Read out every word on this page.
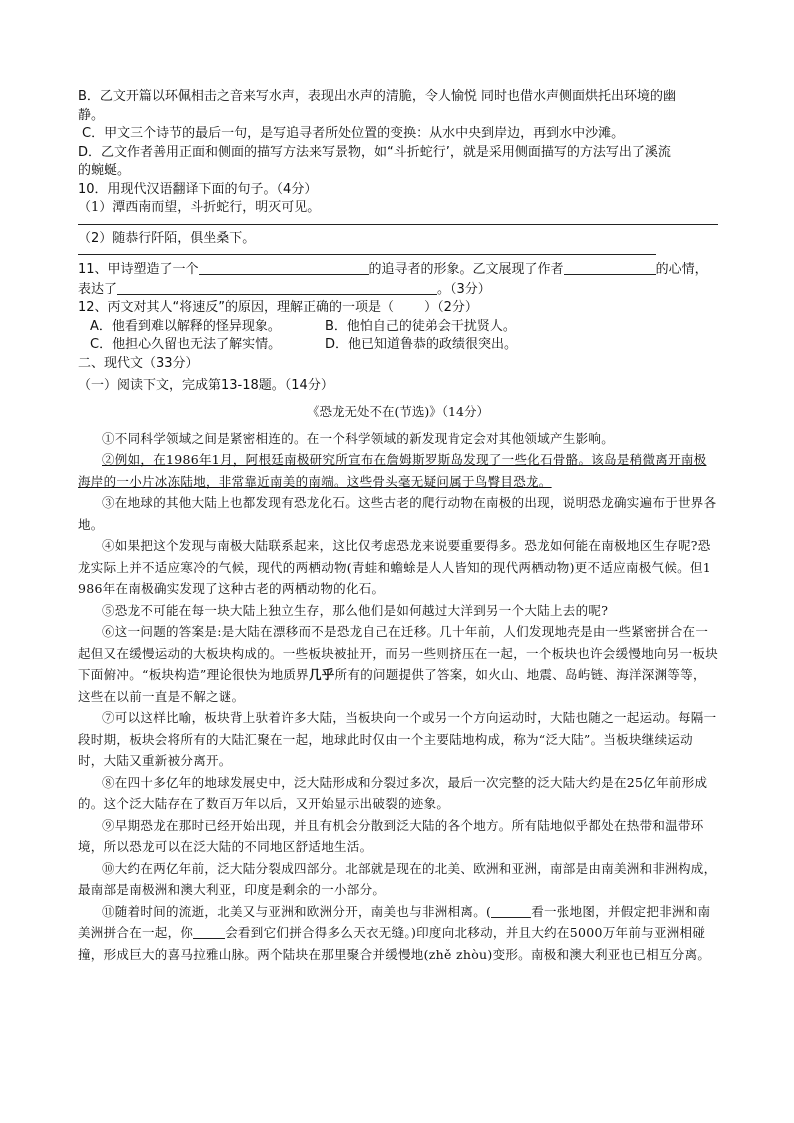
B．乙文开篇以环佩相击之音来写水声，表现出水声的清脆，令人愉悦 同时也借水声侧面烘托出环境的幽
静。
C．甲文三个诗节的最后一句，是写追寻者所处位置的变换：从水中央到岸边，再到水中沙滩。
D．乙文作者善用正面和侧面的描写方法来写景物，如“斗折蛇行’，就是采用侧面描写的方法写出了溪流
的蜿蜒。
10．用现代汉语翻译下面的句子。（4分）
（1）潭西南而望，斗折蛇行，明灭可见。
（2）随恭行阡陌，俱坐桑下。
11、甲诗塑造了一个	的追寻者的形象。乙文展现了作者	的心情，
表达了	。（3分）
12、丙文对其人“将速反”的原因，理解正确的一项是（　　 ）（2分）
A．他看到难以解释的怪异现象。	B．他怕自己的徒弟会干扰贤人。
C．他担心久留也无法了解实情。	D．他已知道鲁恭的政绩很突出。
二、现代文（33分）
（一）阅读下文，完成第13-18题。（14分）
《恐龙无处不在(节选)》（14分）

①不同科学领域之间是紧密相连的。在一个科学领域的新发现肯定会对其他领域产生影响。

②例如，在1986年1月，阿根廷南极研究所宣布在詹姆斯罗斯岛发现了一些化石骨骼。该岛是稍微离开南极海岸的一小片冰冻陆地，非常靠近南美的南端。这些骨头毫无疑问属于鸟臀目恐龙。

③在地球的其他大陆上也都发现有恐龙化石。这些古老的爬行动物在南极的出现，说明恐龙确实遍布于世界各地。

④如果把这个发现与南极大陆联系起来，这比仅考虑恐龙来说要重要得多。恐龙如何能在南极地区生存呢?恐龙实际上并不适应寒冷的气候，现代的两栖动物(青蛙和蟾蜍是人人皆知的现代两栖动物)更不适应南极气候。但1986年在南极确实发现了这种古老的两栖动物的化石。

⑤恐龙不可能在每一块大陆上独立生存，那么他们是如何越过大洋到另一个大陆上去的呢?

⑥这一问题的答案是:是大陆在漂移而不是恐龙自己在迁移。几十年前，人们发现地壳是由一些紧密拼合在一起但又在缓慢运动的大板块构成的。一些板块被扯开，而另一些则挤压在一起，一个板块也许会缓慢地向另一板块下面俯冲。“板块构造”理论很快为地质界几乎所有的问题提供了答案，如火山、地震、岛屿链、海洋深渊等等，这些在以前一直是不解之谜。

⑦可以这样比喻，板块背上驮着许多大陆，当板块向一个或另一个方向运动时，大陆也随之一起运动。每隔一段时期，板块会将所有的大陆汇聚在一起，地球此时仅由一个主要陆地构成，称为“泛大陆”。当板块继续运动时，大陆又重新被分离开。

⑧在四十多亿年的地球发展史中，泛大陆形成和分裂过多次，最后一次完整的泛大陆大约是在25亿年前形成的。这个泛大陆存在了数百万年以后，又开始显示出破裂的迹象。

⑨早期恐龙在那时已经开始出现，并且有机会分散到泛大陆的各个地方。所有陆地似乎都处在热带和温带环境，所以恐龙可以在泛大陆的不同地区舒适地生活。

⑩大约在两亿年前，泛大陆分裂成四部分。北部就是现在的北美、欧洲和亚洲，南部是由南美洲和非洲构成，最南部是南极洲和澳大利亚，印度是剩余的一小部分。

⑪随着时间的流逝，北美又与亚洲和欧洲分开，南美也与非洲相离。(	看一张地图，并假定把非洲和南美洲拼合在一起，你	会看到它们拼合得多么天衣无缝。)印度向北移动，并且大约在5000万年前与亚洲相碰撞，形成巨大的喜马拉雅山脉。两个陆块在那里聚合并缓慢地(zhě zhòu)变形。南极和澳大利亚也已相互分离。
